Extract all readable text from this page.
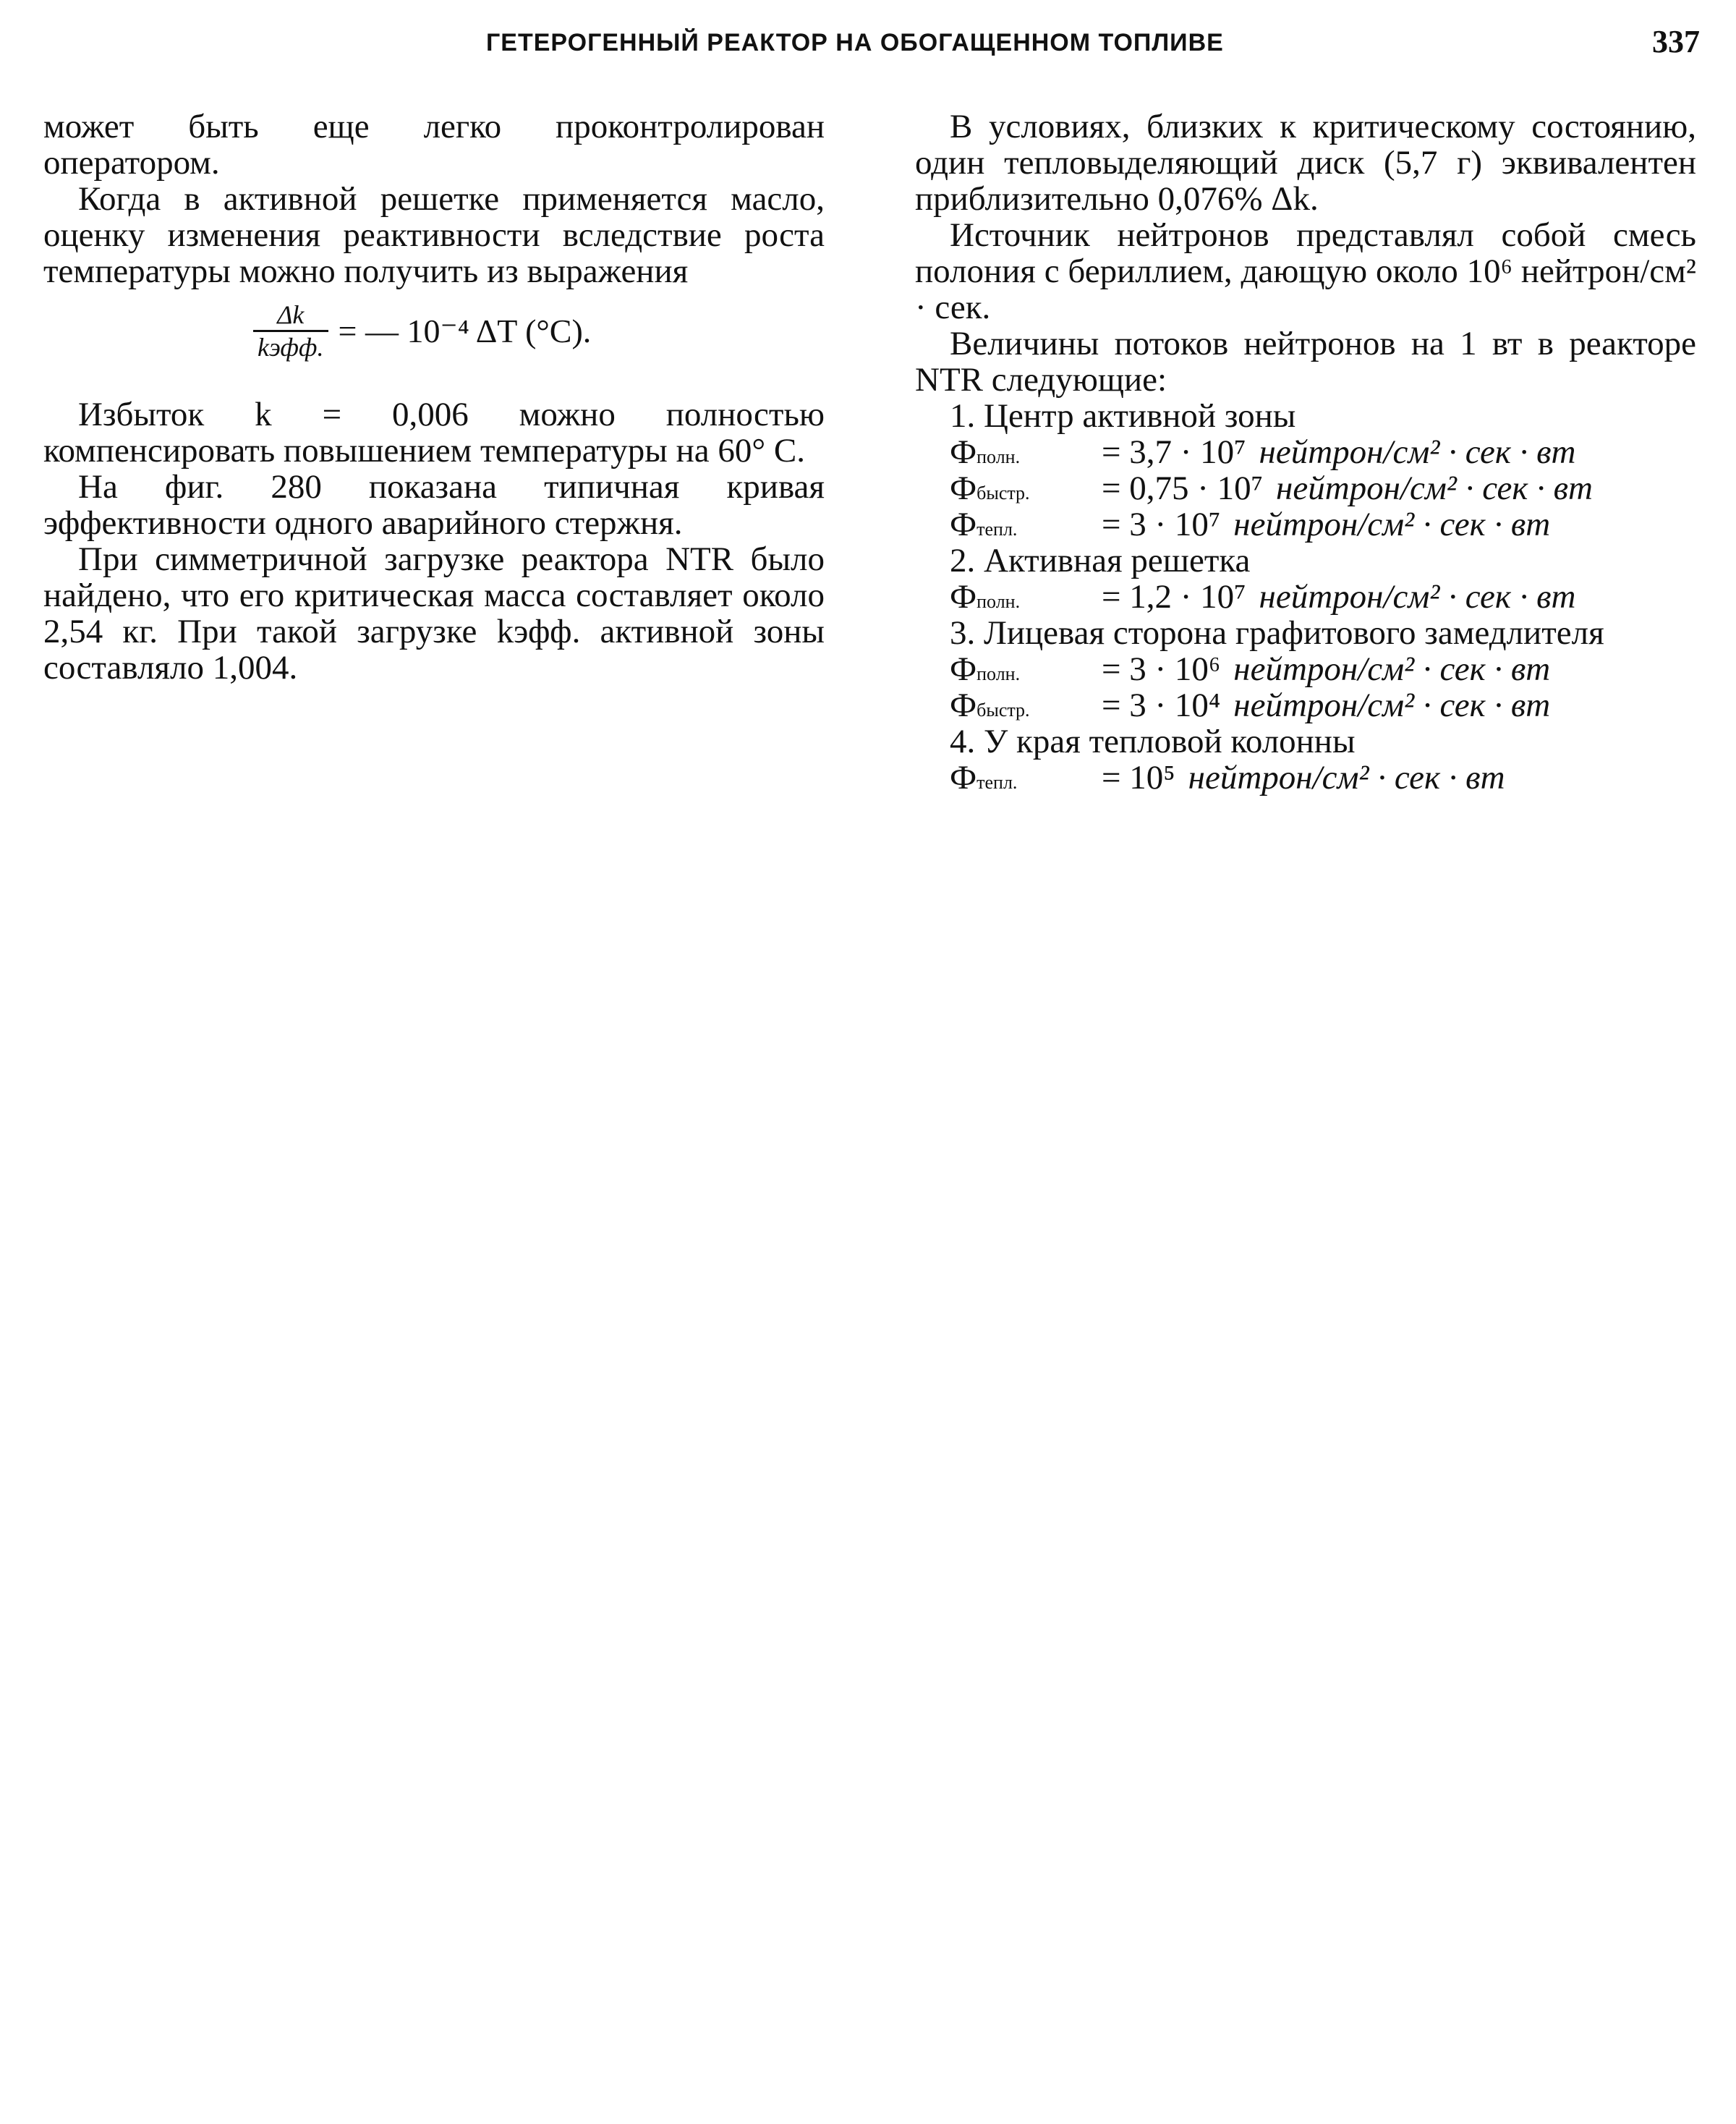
ГЕТЕРОГЕННЫЙ РЕАКТОР НА ОБОГАЩЕННОМ ТОПЛИВЕ	337

может быть еще легко проконтролирован оператором.

Когда в активной решетке применяется масло, оценку изменения реактивности вследствие роста температуры можно получить из выражения

$\frac{\Delta k}{\text{kэфф.}}$ = — 10⁻⁴ ΔT (°C).

Избыток k = 0,006 можно полностью компенсировать повышением температуры на 60° С.

На фиг. 280 показана типичная кривая эффективности одного аварийного стержня.

При симметричной загрузке реактора NTR было найдено, что его критическая масса составляет около 2,54 кг. При такой загрузке kэфф. активной зоны составляло 1,004.

В условиях, близких к критическому состоянию, один тепловыделяющий диск (5,7 г) эквивалентен приблизительно 0,076% Δk.

Источник нейтронов представлял собой смесь полония с бериллием, дающую около 10⁶ нейтрон/см² · сек.

Величины потоков нейтронов на 1 вт в реакторе NTR следующие:

1. Центр активной зоны
Фполн.	= 3,7 · 10⁷ нейтрон/см² · сек · вт
Фбыстр.	= 0,75 · 10⁷ нейтрон/см² · сек · вт
Фтепл.	= 3 · 10⁷ нейтрон/см² · сек · вт
2. Активная решетка
Фполн.	= 1,2 · 10⁷ нейтрон/см² · сек · вт
3. Лицевая сторона графитового замедлителя
Фполн.	= 3 · 10⁶ нейтрон/см² · сек · вт
Фбыстр.	= 3 · 10⁴ нейтрон/см² · сек · вт
4. У края тепловой колонны
Фтепл.	= 10⁵ нейтрон/см² · сек · вт
